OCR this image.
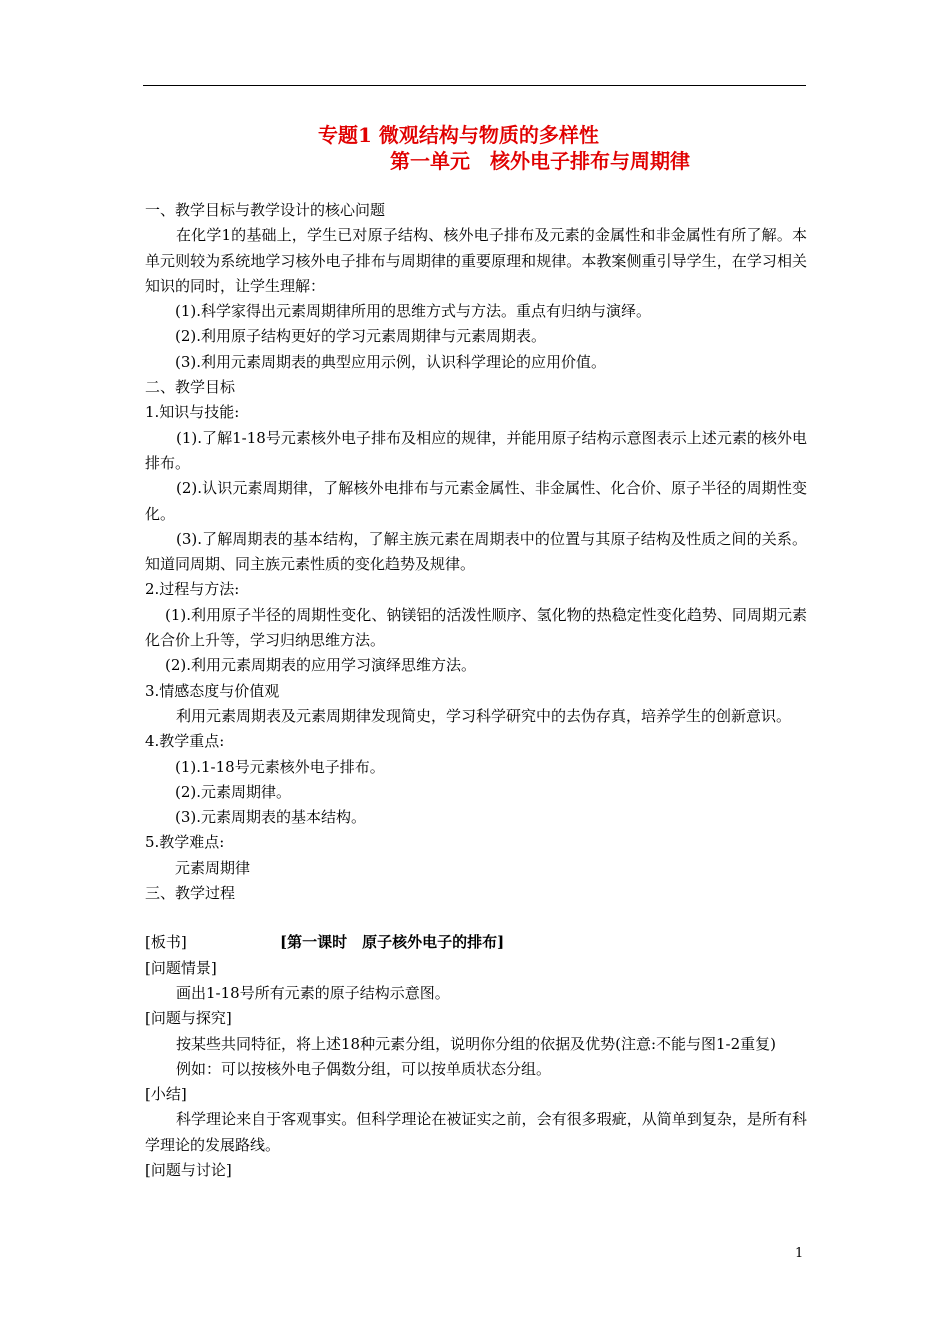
专题1 微观结构与物质的多样性
第一单元　核外电子排布与周期律

一、教学目标与教学设计的核心问题

在化学1的基础上，学生已对原子结构、核外电子排布及元素的金属性和非金属性有所了解。本单元则较为系统地学习核外电子排布与周期律的重要原理和规律。本教案侧重引导学生，在学习相关知识的同时，让学生理解：

(1).科学家得出元素周期律所用的思维方式与方法。重点有归纳与演绎。

(2).利用原子结构更好的学习元素周期律与元素周期表。

(3).利用元素周期表的典型应用示例，认识科学理论的应用价值。

二、教学目标

1.知识与技能:

(1).了解1-18号元素核外电子排布及相应的规律，并能用原子结构示意图表示上述元素的核外电排布。

(2).认识元素周期律，了解核外电排布与元素金属性、非金属性、化合价、原子半径的周期性变化。

(3).了解周期表的基本结构，了解主族元素在周期表中的位置与其原子结构及性质之间的关系。知道同周期、同主族元素性质的变化趋势及规律。

2.过程与方法:

(1).利用原子半径的周期性变化、钠镁铝的活泼性顺序、氢化物的热稳定性变化趋势、同周期元素化合价上升等，学习归纳思维方法。

(2).利用元素周期表的应用学习演绎思维方法。

3.情感态度与价值观

利用元素周期表及元素周期律发现简史，学习科学研究中的去伪存真，培养学生的创新意识。

4.教学重点:

(1).1-18号元素核外电子排布。

(2).元素周期律。

(3).元素周期表的基本结构。

5.教学难点:

元素周期律

三、教学过程

[板书]	[第一课时　原子核外电子的排布]

[问题情景]

画出1-18号所有元素的原子结构示意图。

[问题与探究]

按某些共同特征，将上述18种元素分组，说明你分组的依据及优势(注意:不能与图1-2重复)

例如：可以按核外电子偶数分组，可以按单质状态分组。

[小结]

科学理论来自于客观事实。但科学理论在被证实之前，会有很多瑕疵，从简单到复杂，是所有科学理论的发展路线。

[问题与讨论]

1
